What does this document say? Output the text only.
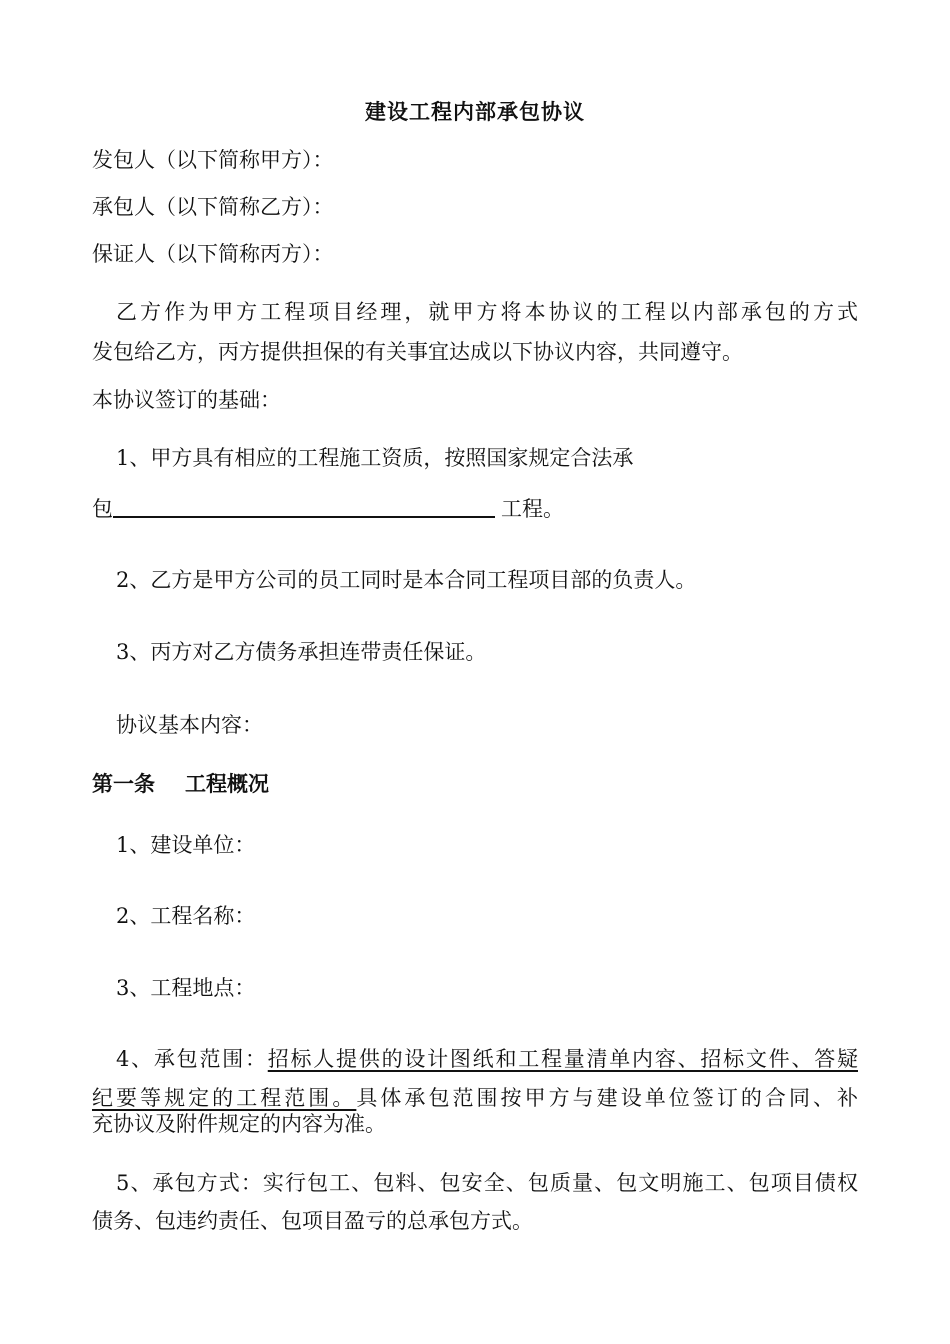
建设工程内部承包协议
发包人（以下简称甲方）：
承包人（以下简称乙方）：
保证人（以下简称丙方）：
乙方作为甲方工程项目经理，就甲方将本协议的工程以内部承包的方式
发包给乙方，丙方提供担保的有关事宜达成以下协议内容，共同遵守。
本协议签订的基础：
1、甲方具有相应的工程施工资质，按照国家规定合法承
包	工程。
2、乙方是甲方公司的员工同时是本合同工程项目部的负责人。
3、丙方对乙方债务承担连带责任保证。
协议基本内容：
第一条 工程概况
1、建设单位：
2、工程名称：
3、工程地点：
4、承包范围：招标人提供的设计图纸和工程量清单内容、招标文件、答疑
纪要等规定的工程范围。具体承包范围按甲方与建设单位签订的合同、补
充协议及附件规定的内容为准。
5、承包方式：实行包工、包料、包安全、包质量、包文明施工、包项目债权
债务、包违约责任、包项目盈亏的总承包方式。
